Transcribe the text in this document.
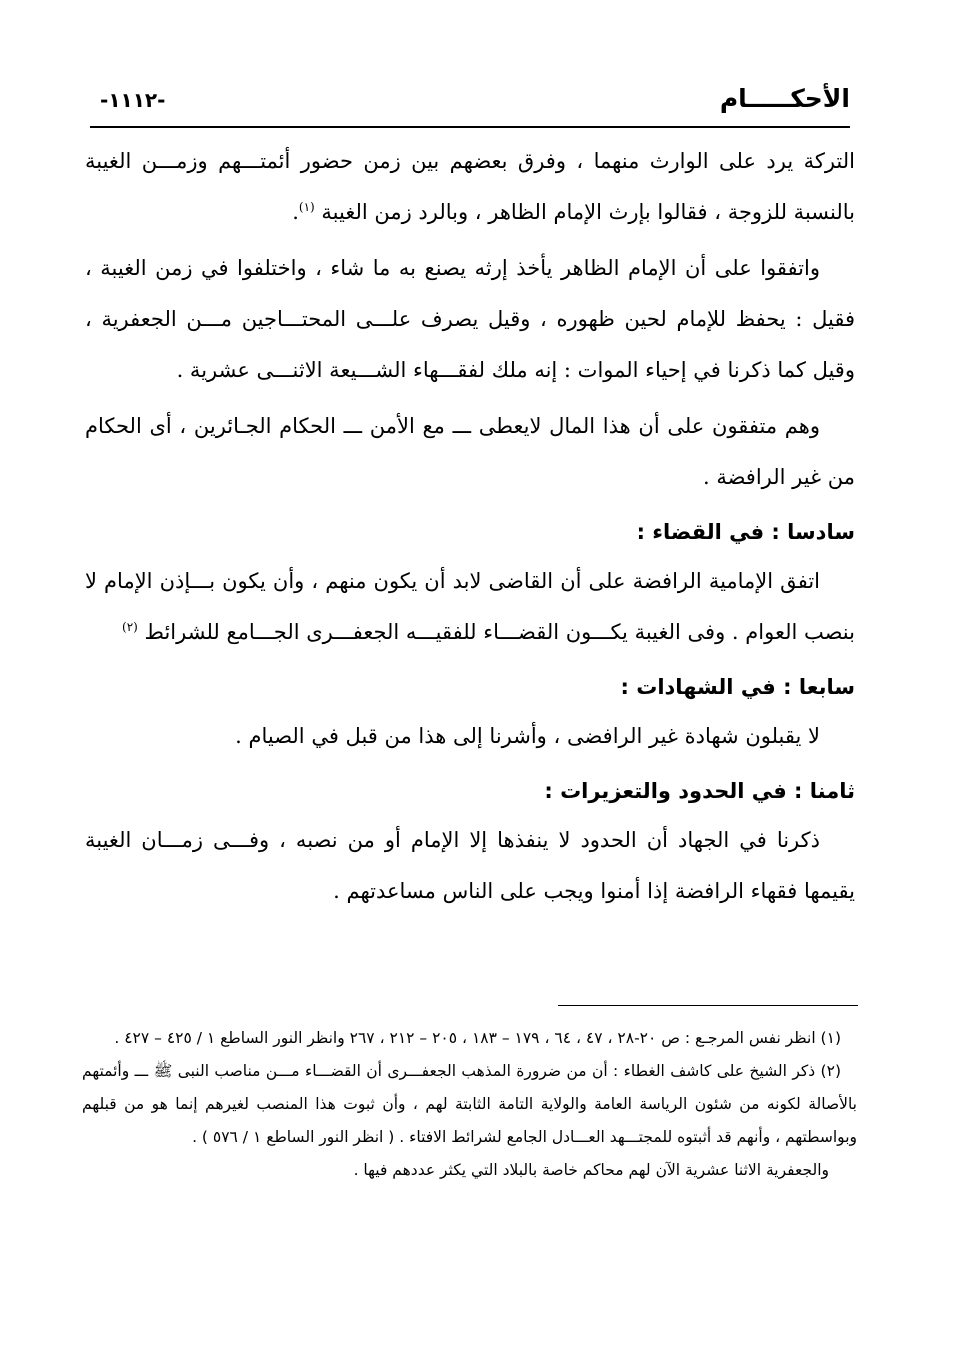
الأحكـــــام
-١١١٢-

التركة يرد على الوارث منهما ، وفرق بعضهم بين زمن حضور أئمتـــهم وزمـــن الغيبة بالنسبة للزوجة ، فقالوا بإرث الإمام الظاهر ، وبالرد زمن الغيبة $^{(١)}$.

واتفقوا على أن الإمام الظاهر يأخذ إرثه يصنع به ما شاء ، واختلفوا في زمن الغيبة ، فقيل : يحفظ للإمام لحين ظهوره ، وقيل يصرف علـــى المحتـــاجين مـــن الجعفرية ، وقيل كما ذكرنا في إحياء الموات : إنه ملك لفقـــهاء الشـــيعة الاثنـــى عشرية .

وهم متفقون على أن هذا المال لايعطى ـــ مع الأمن ـــ الحكام الجـائرين ، أى الحكام من غير الرافضة .

سادسا : في القضاء :

اتفق الإمامية الرافضة على أن القاضى لابد أن يكون منهم ، وأن يكون بـــإذن الإمام لا بنصب العوام . وفى الغيبة يكـــون القضـــاء للفقيـــه الجعفـــرى الجـــامع للشرائط $^{(٢)}$

سابعا : في الشهادات :

لا يقبلون شهادة غير الرافضى ، وأشرنا إلى هذا من قبل في الصيام .

ثامنا : في الحدود والتعزيرات :

ذكرنا في الجهاد أن الحدود لا ينفذها إلا الإمام أو من نصبه ، وفـــى زمـــان الغيبة يقيمها فقهاء الرافضة إذا أمنوا ويجب على الناس مساعدتهم .

(١) انظر نفس المرجـع : ص ٢٠-٢٨ ، ٤٧ ، ٦٤ ، ١٧٩ – ١٨٣ ، ٢٠٥ – ٢١٢ ، ٢٦٧ وانظر النور الساطع ١ / ٤٢٥ – ٤٢٧ .

(٢) ذكر الشيخ على كاشف الغطاء : أن من ضرورة المذهب الجعفـــرى أن القضـــاء مـــن مناصب النبى ﷺ ـــ وأئمتهم بالأصالة لكونه من شئون الرياسة العامة والولاية التامة الثابتة لهم ، وأن ثبوت هذا المنصب لغيرهم إنما هو من قبلهم وبواسطتهم ، وأنهم قد أثبتوه للمجتـــهد العـــادل الجامع لشرائط الافتاء . ( انظر النور الساطع ١ / ٥٧٦ ) .

والجعفرية الاثنا عشرية الآن لهم محاكم خاصة بالبلاد التي يكثر عددهم فيها .
